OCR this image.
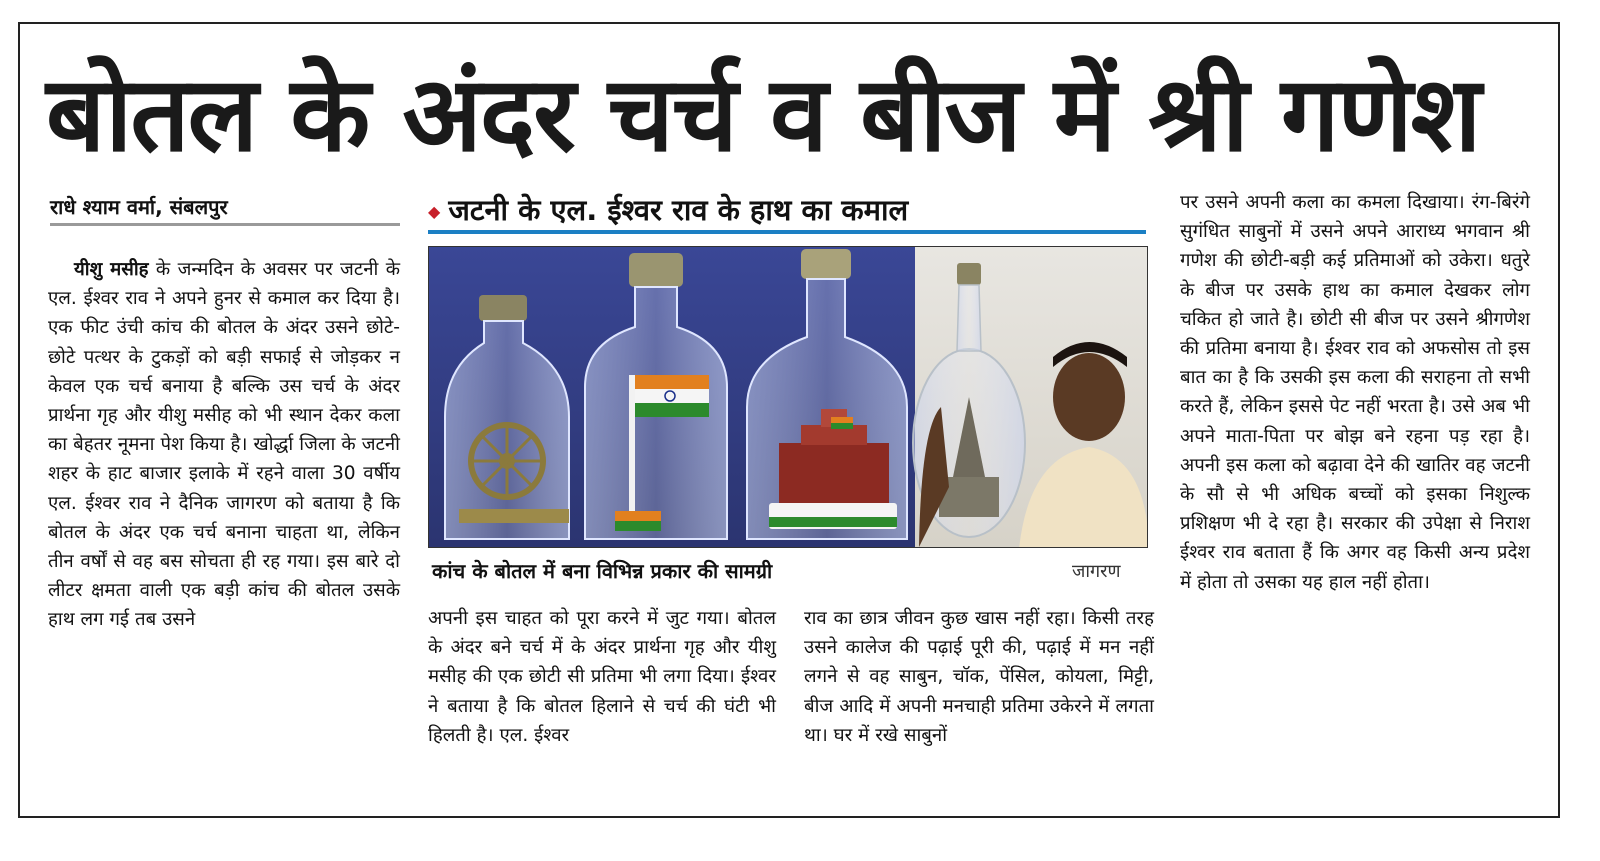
बोतल के अंदर चर्च व बीज में श्री गणेश
राधे श्याम वर्मा, संबलपुर	◆ जटनी के एल. ईश्वर राव के हाथ का कमाल

यीशु मसीह के जन्मदिन के अवसर पर जटनी के एल. ईश्वर राव ने अपने हुनर से कमाल कर दिया है। एक फीट उंची कांच की बोतल के अंदर उसने छोटे-छोटे पत्थर के टुकड़ों को बड़ी सफाई से जोड़कर न केवल एक चर्च बनाया है बल्कि उस चर्च के अंदर प्रार्थना गृह और यीशु मसीह को भी स्थान देकर कला का बेहतर नूमना पेश किया है। खोर्द्धा जिला के जटनी शहर के हाट बाजार इलाके में रहने वाला 30 वर्षीय एल. ईश्वर राव ने दैनिक जागरण को बताया है कि बोतल के अंदर एक चर्च बनाना चाहता था, लेकिन तीन वर्षों से वह बस सोचता ही रह गया। इस बारे दो लीटर क्षमता वाली एक बड़ी कांच की बोतल उसके हाथ लग गई तब उसने

कांच के बोतल में बना विभिन्न प्रकार की सामग्री	जागरण

अपनी इस चाहत को पूरा करने में जुट गया। बोतल के अंदर बने चर्च में के अंदर प्रार्थना गृह और यीशु मसीह की एक छोटी सी प्रतिमा भी लगा दिया। ईश्वर ने बताया है कि बोतल हिलाने से चर्च की घंटी भी हिलती है। एल. ईश्वर

राव का छात्र जीवन कुछ खास नहीं रहा। किसी तरह उसने कालेज की पढ़ाई पूरी की, पढ़ाई में मन नहीं लगने से वह साबुन, चॉक, पेंसिल, कोयला, मिट्टी, बीज आदि में अपनी मनचाही प्रतिमा उकेरने में लगता था। घर में रखे साबुनों

पर उसने अपनी कला का कमला दिखाया। रंग-बिरंगे सुगंधित साबुनों में उसने अपने आराध्य भगवान श्री गणेश की छोटी-बड़ी कई प्रतिमाओं को उकेरा। धतुरे के बीज पर उसके हाथ का कमाल देखकर लोग चकित हो जाते है। छोटी सी बीज पर उसने श्रीगणेश की प्रतिमा बनाया है। ईश्वर राव को अफसोस तो इस बात का है कि उसकी इस कला की सराहना तो सभी करते हैं, लेकिन इससे पेट नहीं भरता है। उसे अब भी अपने माता-पिता पर बोझ बने रहना पड़ रहा है। अपनी इस कला को बढ़ावा देने की खातिर वह जटनी के सौ से भी अधिक बच्चों को इसका निशुल्क प्रशिक्षण भी दे रहा है। सरकार की उपेक्षा से निराश ईश्वर राव बताता हैं कि अगर वह किसी अन्य प्रदेश में होता तो उसका यह हाल नहीं होता।
